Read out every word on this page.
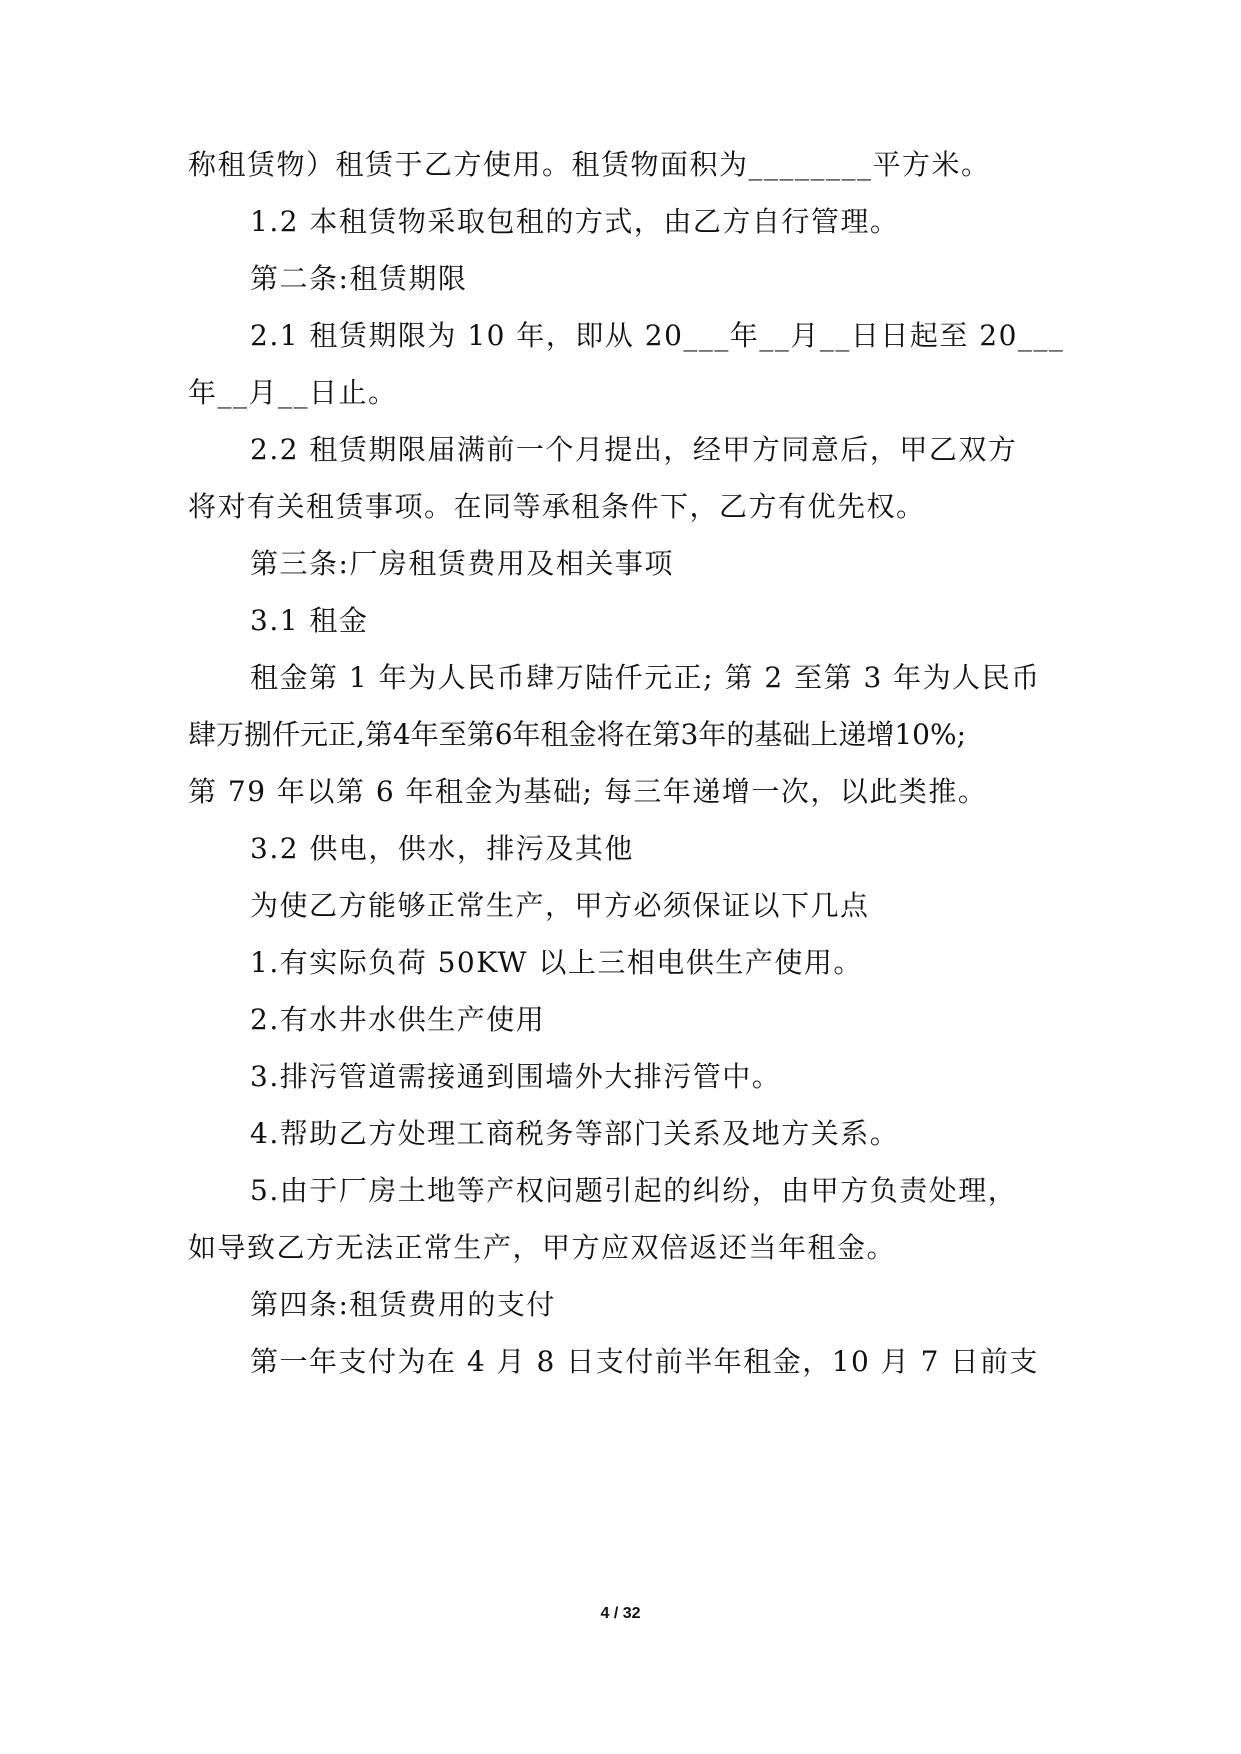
称租赁物）租赁于乙方使用。租赁物面积为________平方米。
1.2 本租赁物采取包租的方式，由乙方自行管理。
第二条:租赁期限
2.1 租赁期限为 10 年，即从 20___年__月__日日起至 20___
年__月__日止。
2.2 租赁期限届满前一个月提出，经甲方同意后，甲乙双方
将对有关租赁事项。在同等承租条件下，乙方有优先权。
第三条:厂房租赁费用及相关事项
3.1 租金
租金第 1 年为人民币肆万陆仟元正; 第 2 至第 3 年为人民币
肆万捌仟元正,第4年至第6年租金将在第3年的基础上递增10%;
第 79 年以第 6 年租金为基础; 每三年递增一次，以此类推。
3.2 供电，供水，排污及其他
为使乙方能够正常生产，甲方必须保证以下几点
1.有实际负荷 50KW 以上三相电供生产使用。
2.有水井水供生产使用
3.排污管道需接通到围墙外大排污管中。
4.帮助乙方处理工商税务等部门关系及地方关系。
5.由于厂房土地等产权问题引起的纠纷，由甲方负责处理，
如导致乙方无法正常生产，甲方应双倍返还当年租金。
第四条:租赁费用的支付
第一年支付为在 4 月 8 日支付前半年租金，10 月 7 日前支
4 / 32
